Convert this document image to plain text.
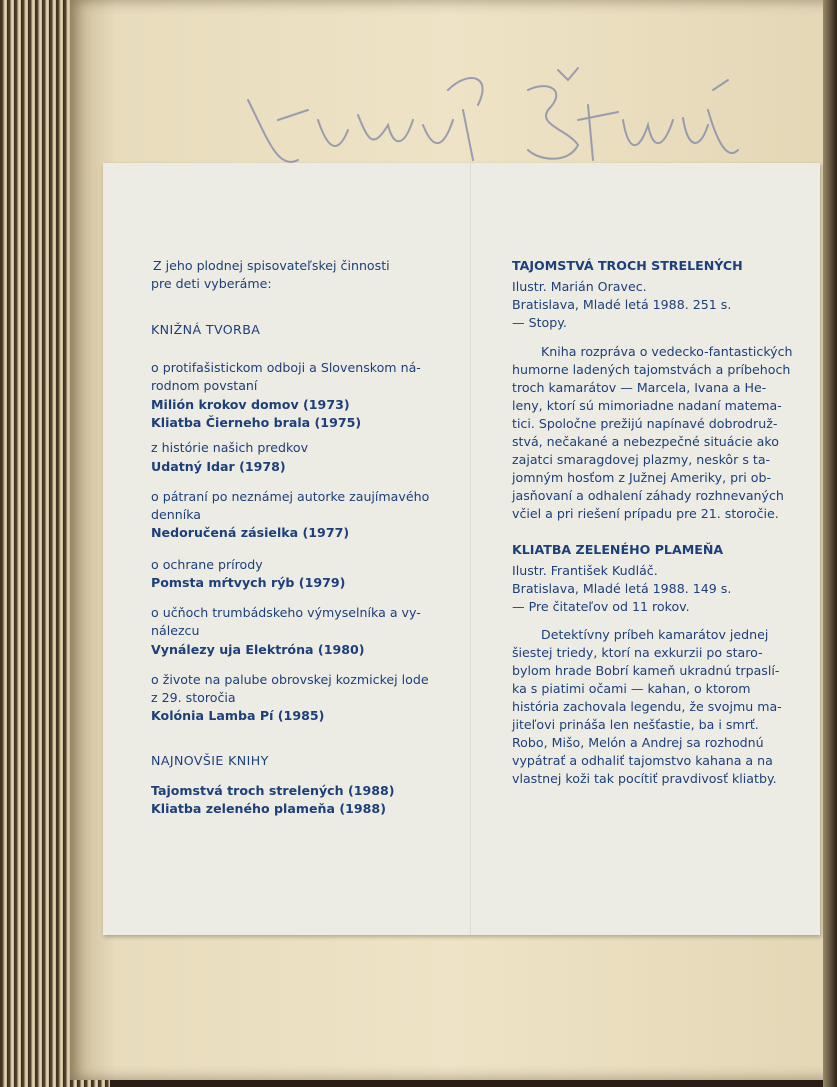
Z jeho plodnej spisovateľskej činnosti
pre deti vyberáme:
KNIŽNÁ TVORBA
o protifašistickom odboji a Slovenskom ná-
rodnom povstaní
Milión krokov domov (1973)
Kliatba Čierneho brala (1975)
z histórie našich predkov
Udatný Idar (1978)
o pátraní po neznámej autorke zaujímavého
denníka
Nedoručená zásielka (1977)
o ochrane prírody
Pomsta mŕtvych rýb (1979)
o učňoch trumbádskeho výmyselníka a vy-
nálezcu
Vynálezy uja Elektróna (1980)
o živote na palube obrovskej kozmickej lode
z 29. storočia
Kolónia Lamba Pí (1985)
NAJNOVŠIE KNIHY
Tajomstvá troch strelených (1988)
Kliatba zeleného plameňa (1988)
TAJOMSTVÁ TROCH STRELENÝCH
Ilustr. Marián Oravec.
Bratislava, Mladé letá 1988. 251 s.
— Stopy.
Kniha rozpráva o vedecko-fantastických
humorne ladených tajomstvách a príbehoch
troch kamarátov — Marcela, Ivana a He-
leny, ktorí sú mimoriadne nadaní matema-
tici. Spoločne prežijú napínavé dobrodruž-
stvá, nečakané a nebezpečné situácie ako
zajatci smaragdovej plazmy, neskôr s ta-
jomným hosťom z Južnej Ameriky, pri ob-
jasňovaní a odhalení záhady rozhnevaných
včiel a pri riešení prípadu pre 21. storočie.
KLIATBA ZELENÉHO PLAMEŇA
Ilustr. František Kudláč.
Bratislava, Mladé letá 1988. 149 s.
— Pre čitateľov od 11 rokov.
Detektívny príbeh kamarátov jednej
šiestej triedy, ktorí na exkurzii po staro-
bylom hrade Bobrí kameň ukradnú trpaslí-
ka s piatimi očami — kahan, o ktorom
história zachovala legendu, že svojmu ma-
jiteľovi prináša len nešťastie, ba i smrť.
Robo, Mišo, Melón a Andrej sa rozhodnú
vypátrať a odhaliť tajomstvo kahana a na
vlastnej koži tak pocítiť pravdivosť kliatby.
